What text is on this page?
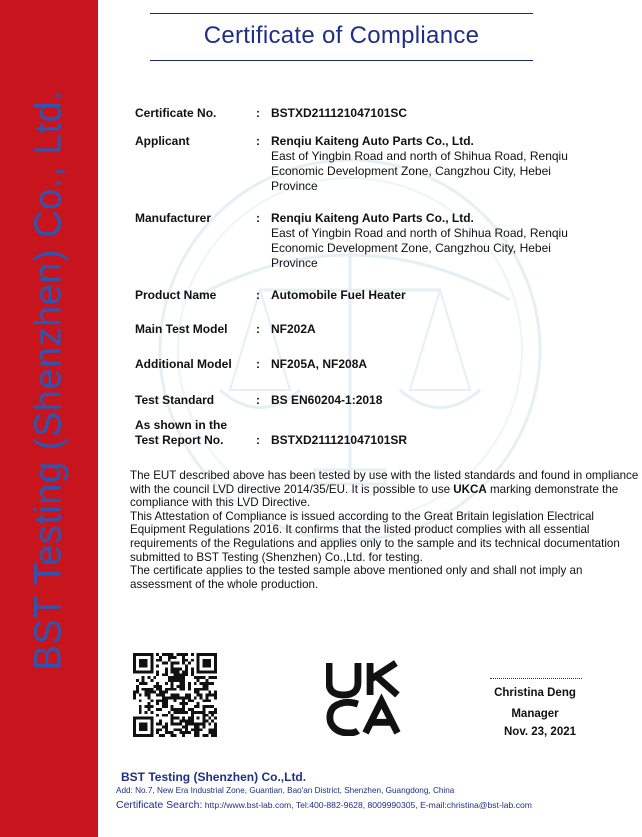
BST Testing (Shenzhen) Co., Ltd.
Certificate of Compliance
Certificate No.	: BSTXD211121047101SC
Applicant	: Renqiu Kaiteng Auto Parts Co., Ltd.
East of Yingbin Road and north of Shihua Road, Renqiu
Economic Development Zone, Cangzhou City, Hebei
Province
Manufacturer	: Renqiu Kaiteng Auto Parts Co., Ltd.
East of Yingbin Road and north of Shihua Road, Renqiu
Economic Development Zone, Cangzhou City, Hebei
Province
Product Name	: Automobile Fuel Heater
Main Test Model : NF202A
Additional Model : NF205A, NF208A
Test Standard	: BS EN60204-1:2018
As shown in the
Test Report No.	: BSTXD211121047101SR

The EUT described above has been tested by use with the listed standards and found in ompliance with the council LVD directive 2014/35/EU. It is possible to use UKCA marking demonstrate the compliance with this LVD Directive.

This Attestation of Compliance is issued according to the Great Britain legislation Electrical Equipment Regulations 2016. It confirms that the listed product complies with all essential requirements of the Regulations and applies only to the sample and its technical documentation submitted to BST Testing (Shenzhen) Co.,Ltd. for testing.

The certificate applies to the tested sample above mentioned only and shall not imply an assessment of the whole production.

Christina Deng
Manager
Nov. 23, 2021
BST Testing (Shenzhen) Co.,Ltd.
Add: No.7, New Era Industrial Zone, Guantian, Bao'an District, Shenzhen, Guangdong, China
Certificate Search: http://www.bst-lab.com, Tel:400-882-9628, 8009990305, E-mail:christina@bst-lab.com
